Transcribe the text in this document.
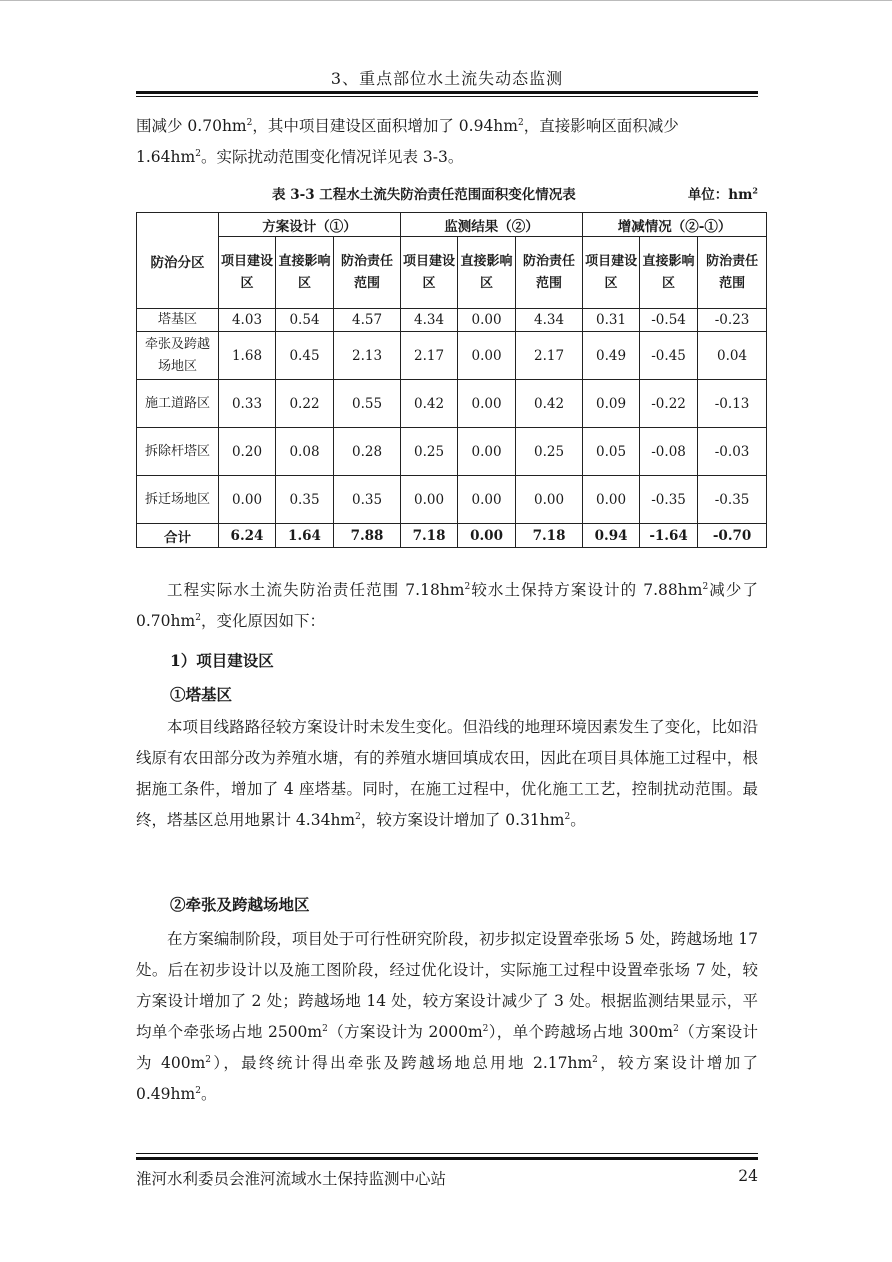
3、重点部位水土流失动态监测

围减少 $0.70hm^2$，其中项目建设区面积增加了 $0.94hm^2$，直接影响区面积减少
$1.64hm^2$。实际扰动范围变化情况详见表 3-3。

表 3-3 工程水土流失防治责任范围面积变化情况表	单位：$hm^2$
防治分区	方案设计（①）			监测结果（②）			增减情况（②-①）		
	项目建设区	直接影响区	防治责任范围	项目建设区	直接影响区	防治责任范围	项目建设区	直接影响区	防治责任范围
塔基区	4.03	0.54	4.57	4.34	0.00	4.34	0.31	-0.54	-0.23
牵张及跨越场地区	1.68	0.45	2.13	2.17	0.00	2.17	0.49	-0.45	0.04
施工道路区	0.33	0.22	0.55	0.42	0.00	0.42	0.09	-0.22	-0.13
拆除杆塔区	0.20	0.08	0.28	0.25	0.00	0.25	0.05	-0.08	-0.03
拆迁场地区	0.00	0.35	0.35	0.00	0.00	0.00	0.00	-0.35	-0.35
合计	6.24	1.64	7.88	7.18	0.00	7.18	0.94	-1.64	-0.70

工程实际水土流失防治责任范围 $7.18hm^2$较水土保持方案设计的 $7.88hm^2$减少了 $0.70hm^2$，变化原因如下：

1）项目建设区

①塔基区

本项目线路路径较方案设计时未发生变化。但沿线的地理环境因素发生了变化，比如沿线原有农田部分改为养殖水塘，有的养殖水塘回填成农田，因此在项目具体施工过程中，根据施工条件，增加了 4 座塔基。同时，在施工过程中，优化施工工艺，控制扰动范围。最终，塔基区总用地累计 $4.34hm^2$，较方案设计增加了 $0.31hm^2$。

②牵张及跨越场地区

在方案编制阶段，项目处于可行性研究阶段，初步拟定设置牵张场 5 处，跨越场地 17 处。后在初步设计以及施工图阶段，经过优化设计，实际施工过程中设置牵张场 7 处，较方案设计增加了 2 处；跨越场地 14 处，较方案设计减少了 3 处。根据监测结果显示，平均单个牵张场占地 $2500m^2$（方案设计为 $2000m^2$），单个跨越场占地 $300m^2$（方案设计为 $400m^2$），最终统计得出牵张及跨越场地总用地 $2.17hm^2$，较方案设计增加了 $0.49hm^2$。

淮河水利委员会淮河流域水土保持监测中心站	24
